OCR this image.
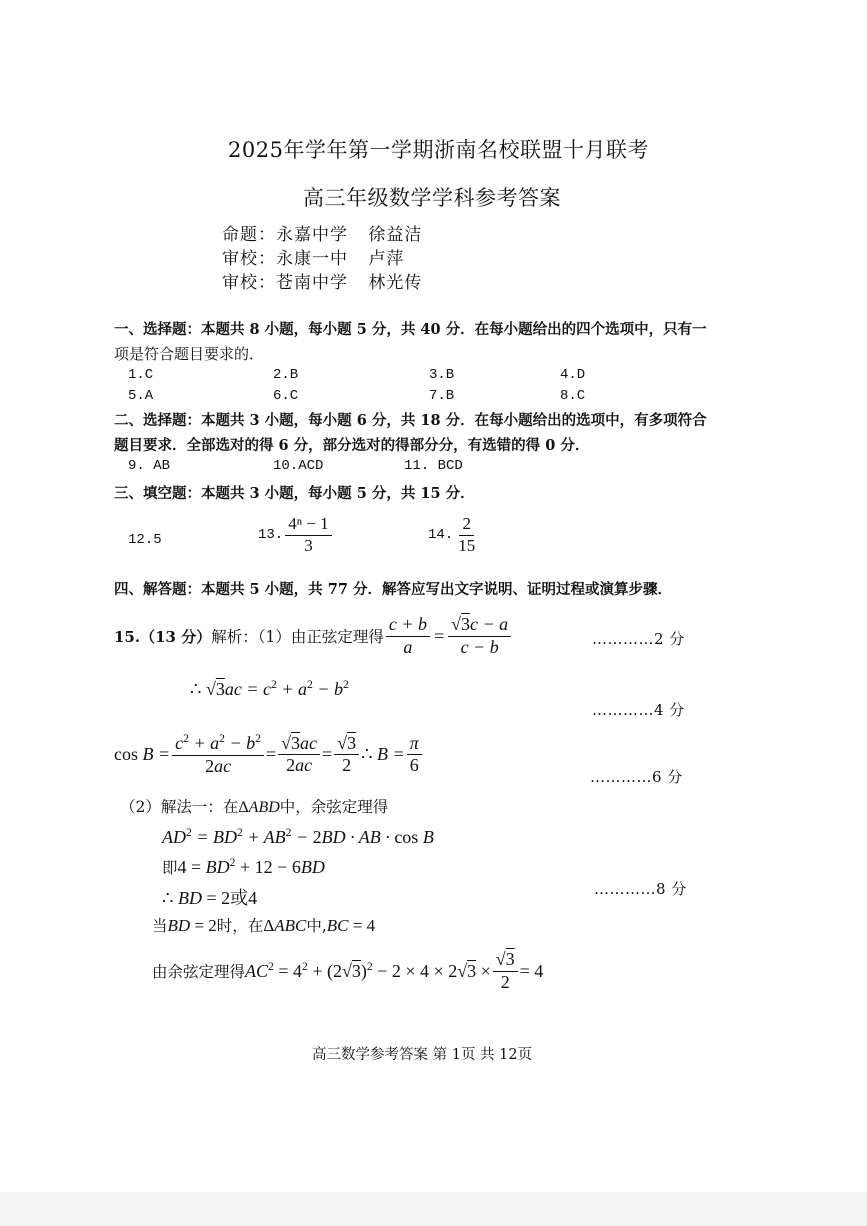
2025年学年第一学期浙南名校联盟十月联考
高三年级数学学科参考答案
命题：永嘉中学 徐益洁
审校：永康一中 卢萍
审校：苍南中学 林光传
一、选择题：本题共 8 小题，每小题 5 分，共 40 分．在每小题给出的四个选项中，只有一
项是符合题目要求的．
1.C	2.B	3.B	4.D
5.A	6.C	7.B	8.C
二、选择题：本题共 3 小题，每小题 6 分，共 18 分．在每小题给出的选项中，有多项符合
题目要求．全部选对的得 6 分，部分选对的得部分分，有选错的得 0 分．
9. AB	10.ACD	11. BCD
三、填空题：本题共 3 小题，每小题 5 分，共 15 分．
12.5	13. $\frac{\text{4ⁿ − 1}}{3}$	14. $\frac{2}{15}$
四、解答题：本题共 5 小题，共 77 分．解答应写出文字说明、证明过程或演算步骤．
15.（13 分） 解析：（1）由正弦定理得 $\frac{c + b}{a} = \frac{√3c - a}{c - b}$	…………2 分
∴ $√3ac = c^2 + a^2 - b^2$
…………4 分
$\cos B = \frac{c^2 + a^2 - b^2}{2ac} = \frac{√3ac}{2ac} = \frac{√3}{2}$ ∴ $B = \frac{\pi}{6}$
…………6 分
（2）解法一：在ΔABD中，余弦定理得
$AD^2 = BD^2 + AB^2 - 2BD$ · AB · cos B
即$4 = BD^2 + 12 - 6BD$
∴ BD = 2或4	…………8 分
当BD = 2时，在ΔABC中,BC = 4
由余弦定理得 $AC^2 = 4^2 + (2√3)^2 - 2 \times 4 \times 2√3 \times \frac{√3}{2} = 4$
高三数学参考答案 第 1页 共 12页
